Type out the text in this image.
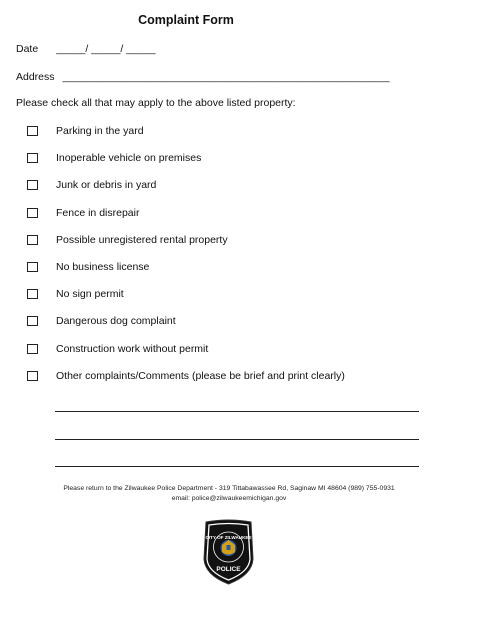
Complaint Form
Date _____/ _____/ _____
Address ________________________________________________________
Please check all that may apply to the above listed property:
Parking in the yard
Inoperable vehicle on premises
Junk or debris in yard
Fence in disrepair
Possible unregistered rental property
No business license
No sign permit
Dangerous dog complaint
Construction work without permit
Other complaints/Comments (please be brief and print clearly)
Please return to the Zilwaukee Police Department - 319 Tittabawassee Rd, Saginaw MI 48604 (989) 755-0931
email: police@zilwaukeemichigan.gov
CITY OF ZILWAUKEE
POLICE
